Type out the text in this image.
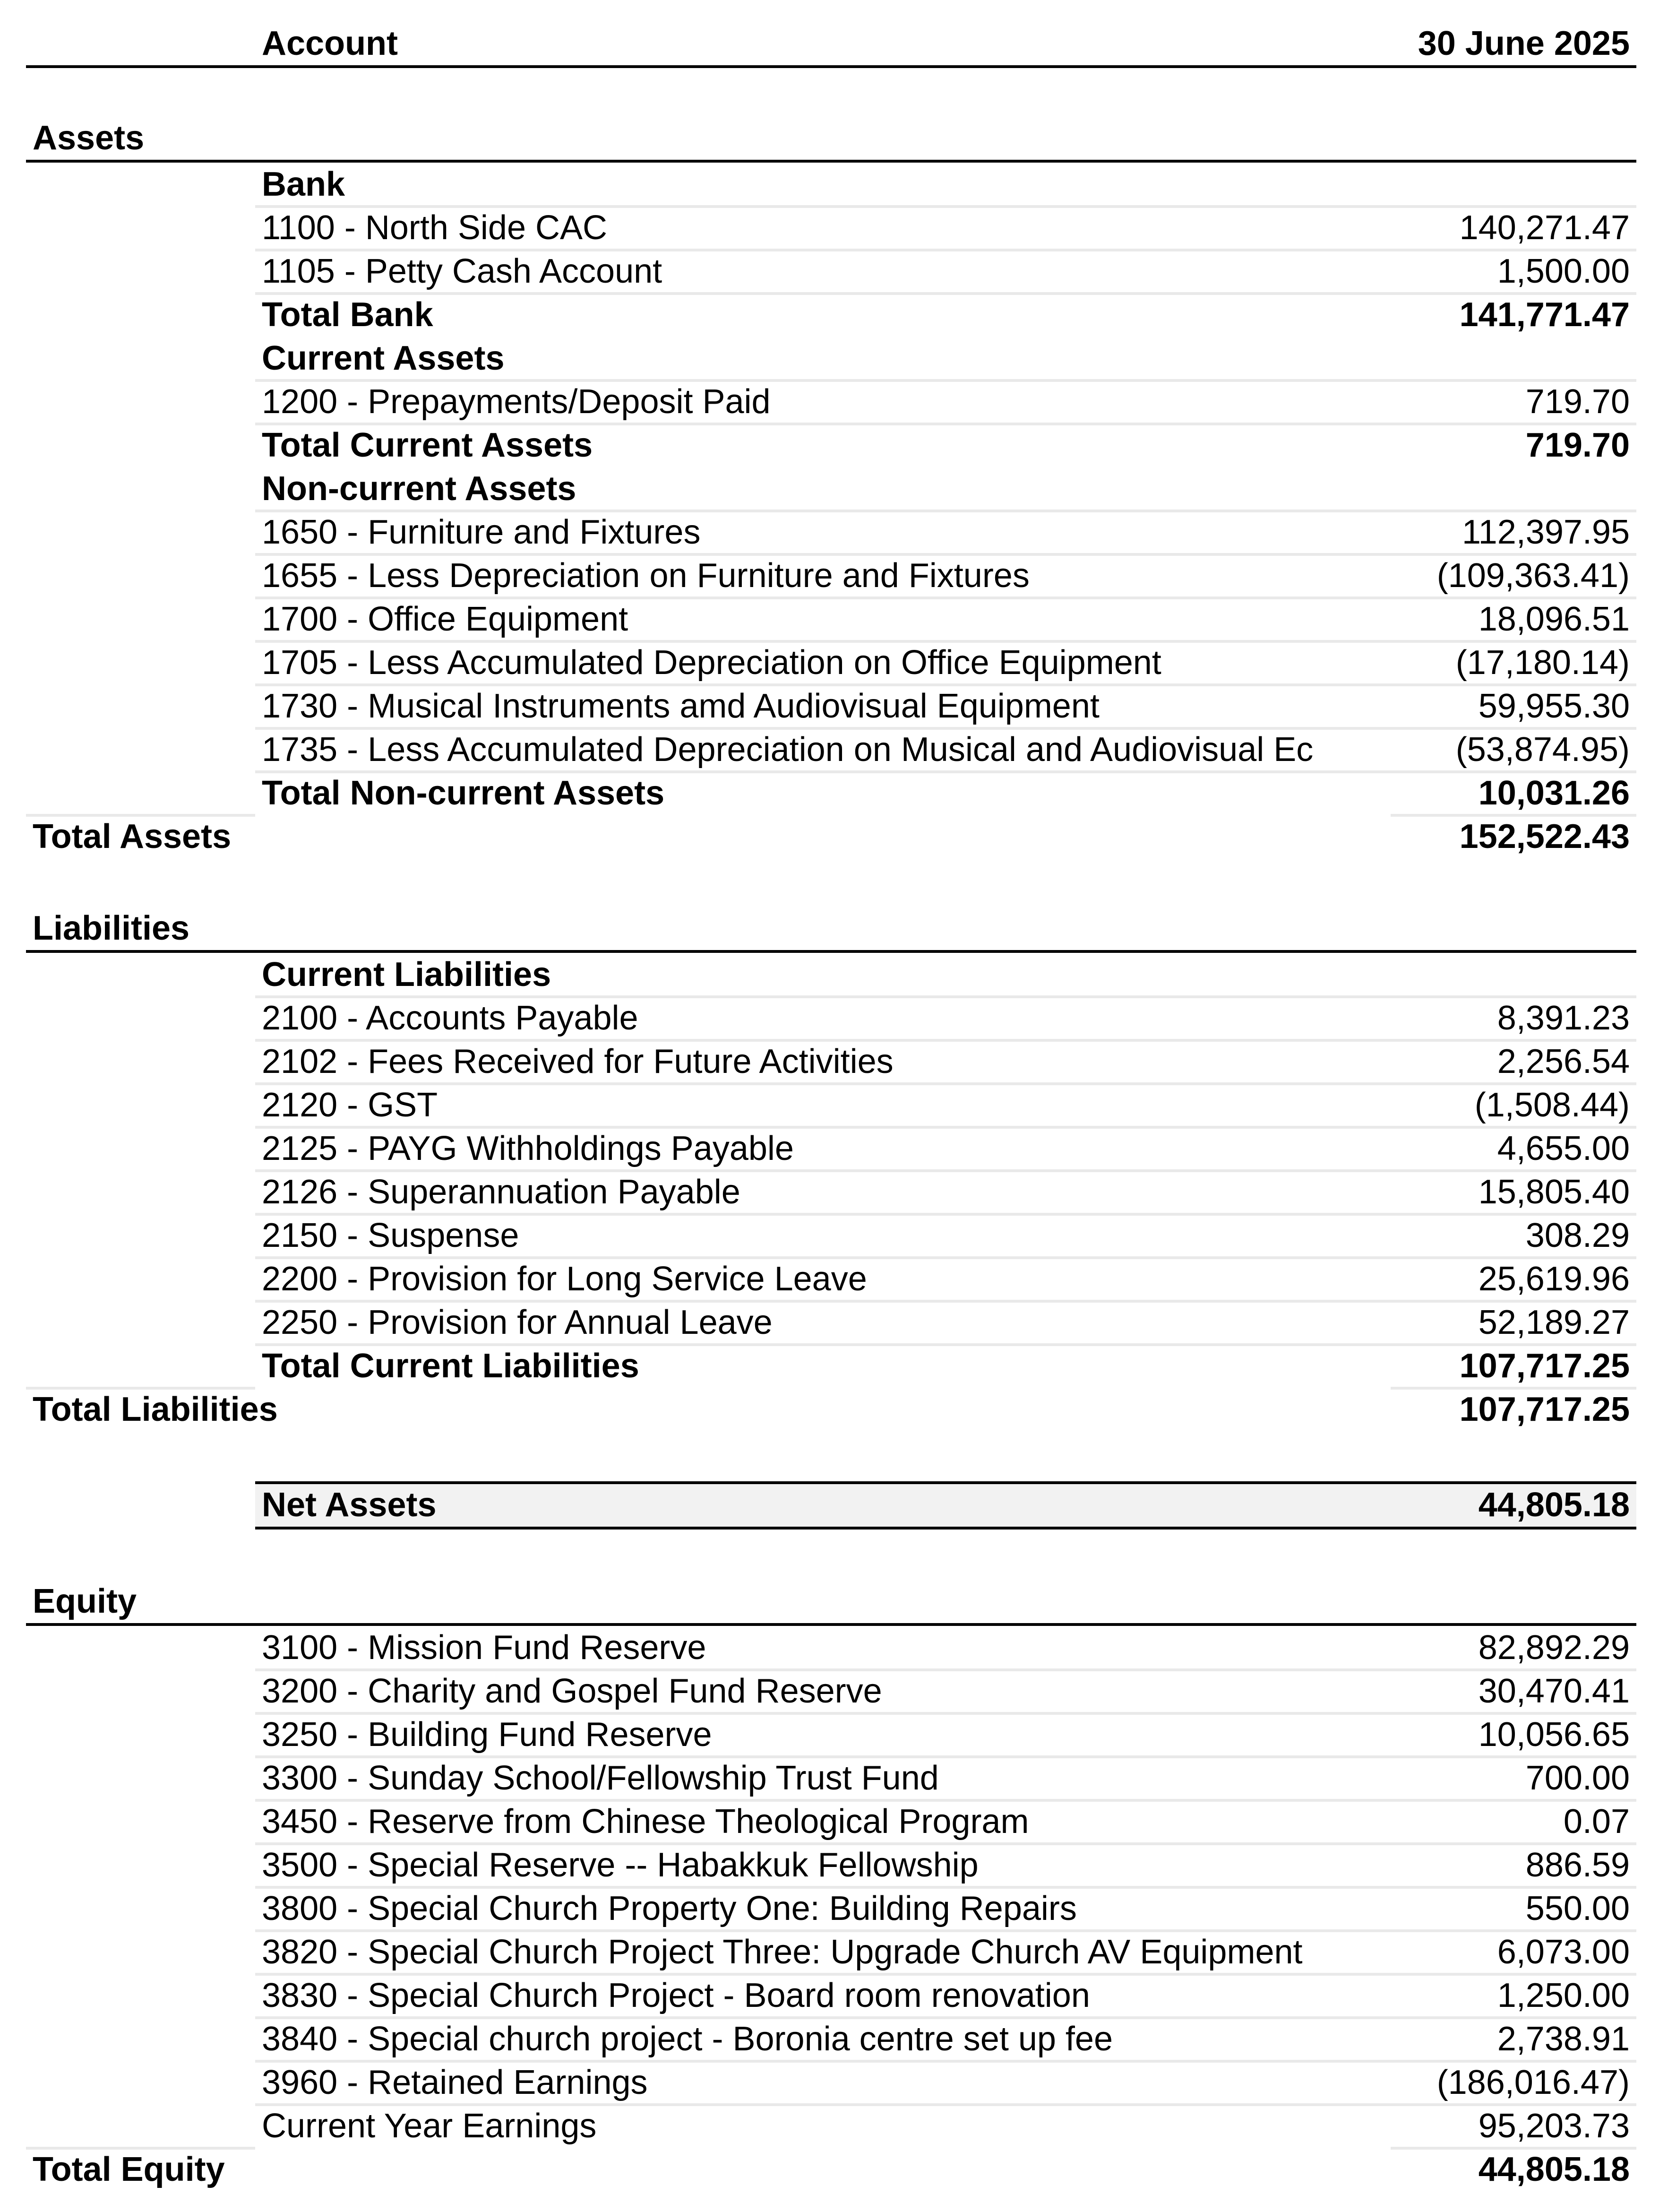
Account	30 June 2025
Assets
Bank
1100 - North Side CAC	140,271.47
1105 - Petty Cash Account	1,500.00
Total Bank	141,771.47
Current Assets
1200 - Prepayments/Deposit Paid	719.70
Total Current Assets	719.70
Non-current Assets
1650 - Furniture and Fixtures	112,397.95
1655 - Less Depreciation on Furniture and Fixtures	(109,363.41)
1700 - Office Equipment	18,096.51
1705 - Less Accumulated Depreciation on Office Equipment	(17,180.14)
1730 - Musical Instruments amd Audiovisual Equipment	59,955.30
1735 - Less Accumulated Depreciation on Musical and Audiovisual Ec	(53,874.95)
Total Non-current Assets	10,031.26
Total Assets	152,522.43
Liabilities
Current Liabilities
2100 - Accounts Payable	8,391.23
2102 - Fees Received for Future Activities	2,256.54
2120 - GST	(1,508.44)
2125 - PAYG Withholdings Payable	4,655.00
2126 - Superannuation Payable	15,805.40
2150 - Suspense	308.29
2200 - Provision for Long Service Leave	25,619.96
2250 - Provision for Annual Leave	52,189.27
Total Current Liabilities	107,717.25
Total Liabilities	107,717.25
Net Assets	44,805.18
Equity
3100 - Mission Fund Reserve	82,892.29
3200 - Charity and Gospel Fund Reserve	30,470.41
3250 - Building Fund Reserve	10,056.65
3300 - Sunday School/Fellowship Trust Fund	700.00
3450 - Reserve from Chinese Theological Program	0.07
3500 - Special Reserve -- Habakkuk Fellowship	886.59
3800 - Special Church Property One: Building Repairs	550.00
3820 - Special Church Project Three: Upgrade Church AV Equipment	6,073.00
3830 - Special Church Project - Board room renovation	1,250.00
3840 - Special church project - Boronia centre set up fee	2,738.91
3960 - Retained Earnings	(186,016.47)
Current Year Earnings	95,203.73
Total Equity	44,805.18
